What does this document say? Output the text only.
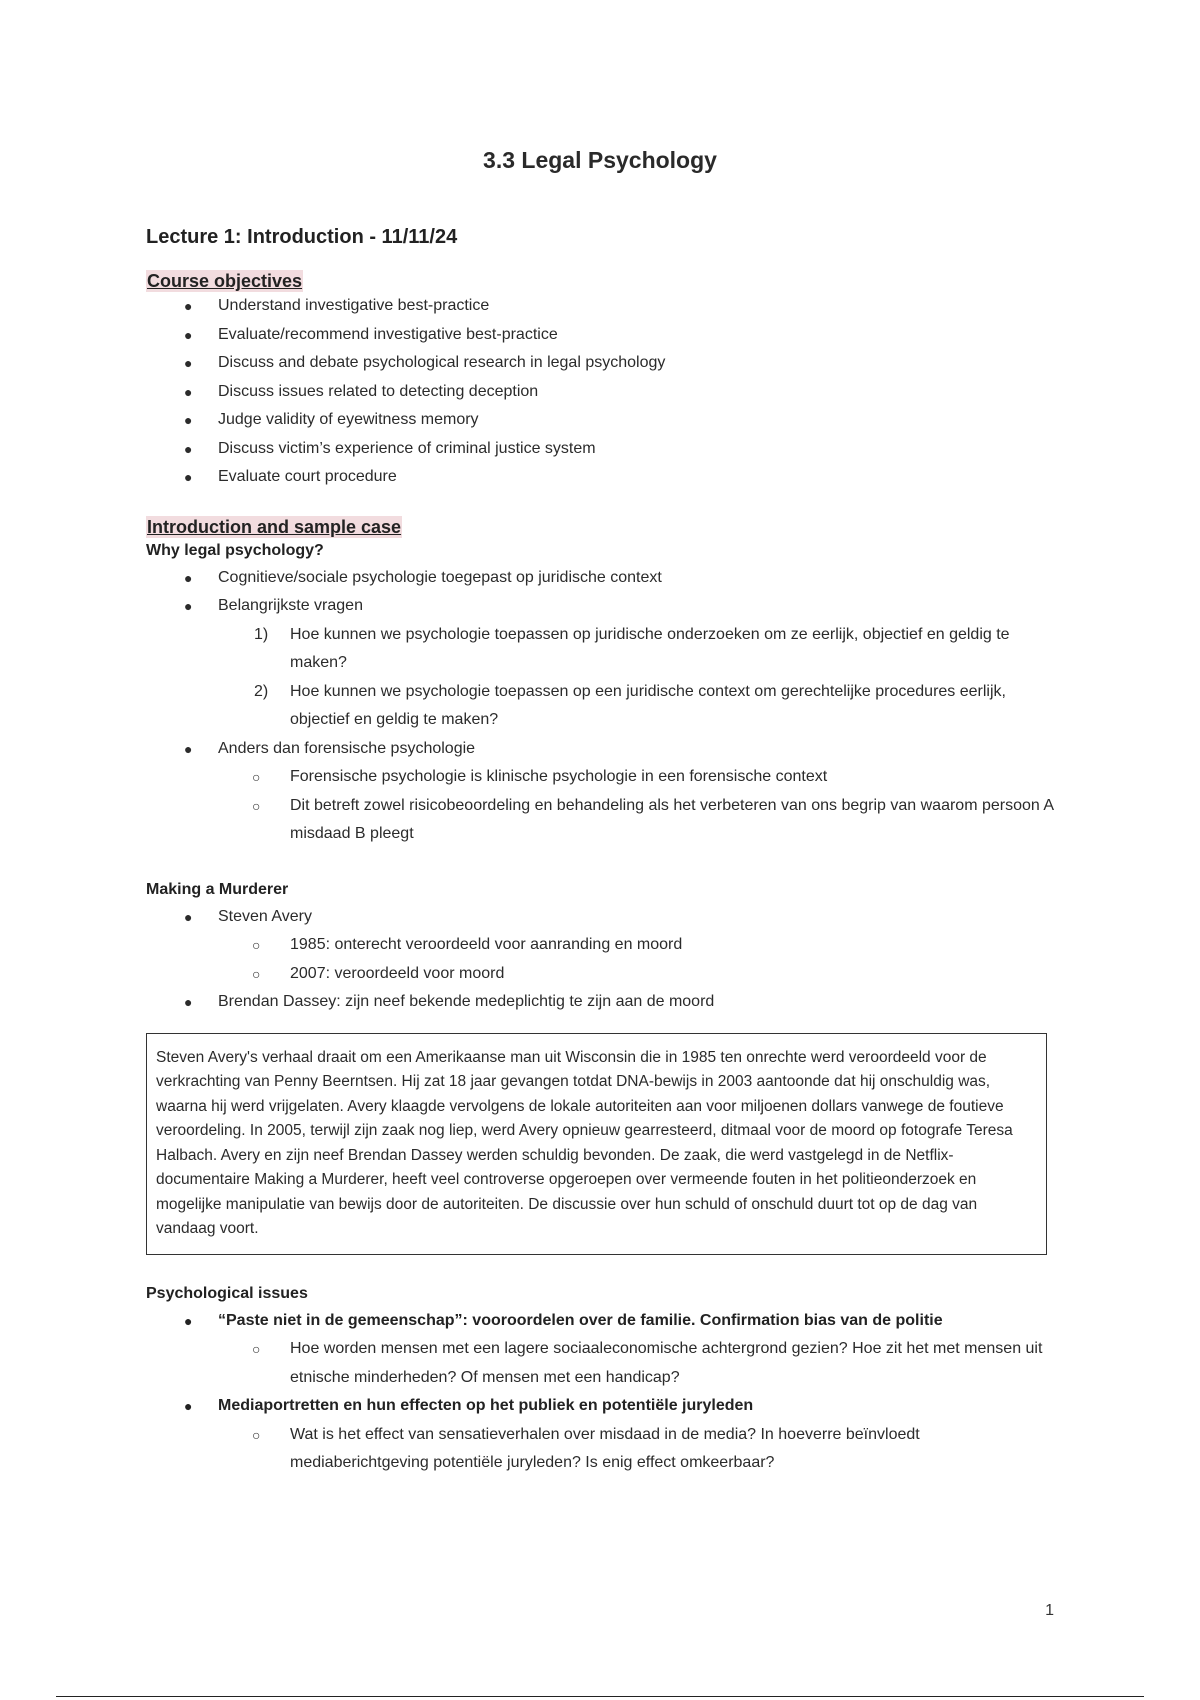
3.3 Legal Psychology
Lecture 1: Introduction - 11/11/24
Course objectives
● Understand investigative best-practice
● Evaluate/recommend investigative best-practice
● Discuss and debate psychological research in legal psychology
● Discuss issues related to detecting deception
● Judge validity of eyewitness memory
● Discuss victim’s experience of criminal justice system
● Evaluate court procedure
Introduction and sample case
Why legal psychology?
● Cognitieve/sociale psychologie toegepast op juridische context
● Belangrijkste vragen
1) Hoe kunnen we psychologie toepassen op juridische onderzoeken om ze eerlijk, objectief en geldig te maken?
2) Hoe kunnen we psychologie toepassen op een juridische context om gerechtelijke procedures eerlijk, objectief en geldig te maken?
● Anders dan forensische psychologie
○ Forensische psychologie is klinische psychologie in een forensische context
○ Dit betreft zowel risicobeoordeling en behandeling als het verbeteren van ons begrip van waarom persoon A misdaad B pleegt
Making a Murderer
● Steven Avery
○ 1985: onterecht veroordeeld voor aanranding en moord
○ 2007: veroordeeld voor moord
● Brendan Dassey: zijn neef bekende medeplichtig te zijn aan de moord
Steven Avery's verhaal draait om een Amerikaanse man uit Wisconsin die in 1985 ten onrechte werd veroordeeld voor de verkrachting van Penny Beerntsen. Hij zat 18 jaar gevangen totdat DNA-bewijs in 2003 aantoonde dat hij onschuldig was, waarna hij werd vrijgelaten. Avery klaagde vervolgens de lokale autoriteiten aan voor miljoenen dollars vanwege de foutieve veroordeling. In 2005, terwijl zijn zaak nog liep, werd Avery opnieuw gearresteerd, ditmaal voor de moord op fotografe Teresa Halbach. Avery en zijn neef Brendan Dassey werden schuldig bevonden. De zaak, die werd vastgelegd in de Netflix-documentaire Making a Murderer, heeft veel controverse opgeroepen over vermeende fouten in het politieonderzoek en mogelijke manipulatie van bewijs door de autoriteiten. De discussie over hun schuld of onschuld duurt tot op de dag van vandaag voort.
Psychological issues
● “Paste niet in de gemeenschap”: vooroordelen over de familie. Confirmation bias van de politie
○ Hoe worden mensen met een lagere sociaaleconomische achtergrond gezien? Hoe zit het met mensen uit etnische minderheden? Of mensen met een handicap?
● Mediaportretten en hun effecten op het publiek en potentiële juryleden
○ Wat is het effect van sensatieverhalen over misdaad in de media? In hoeverre beïnvloedt mediaberichtgeving potentiële juryleden? Is enig effect omkeerbaar?
1
